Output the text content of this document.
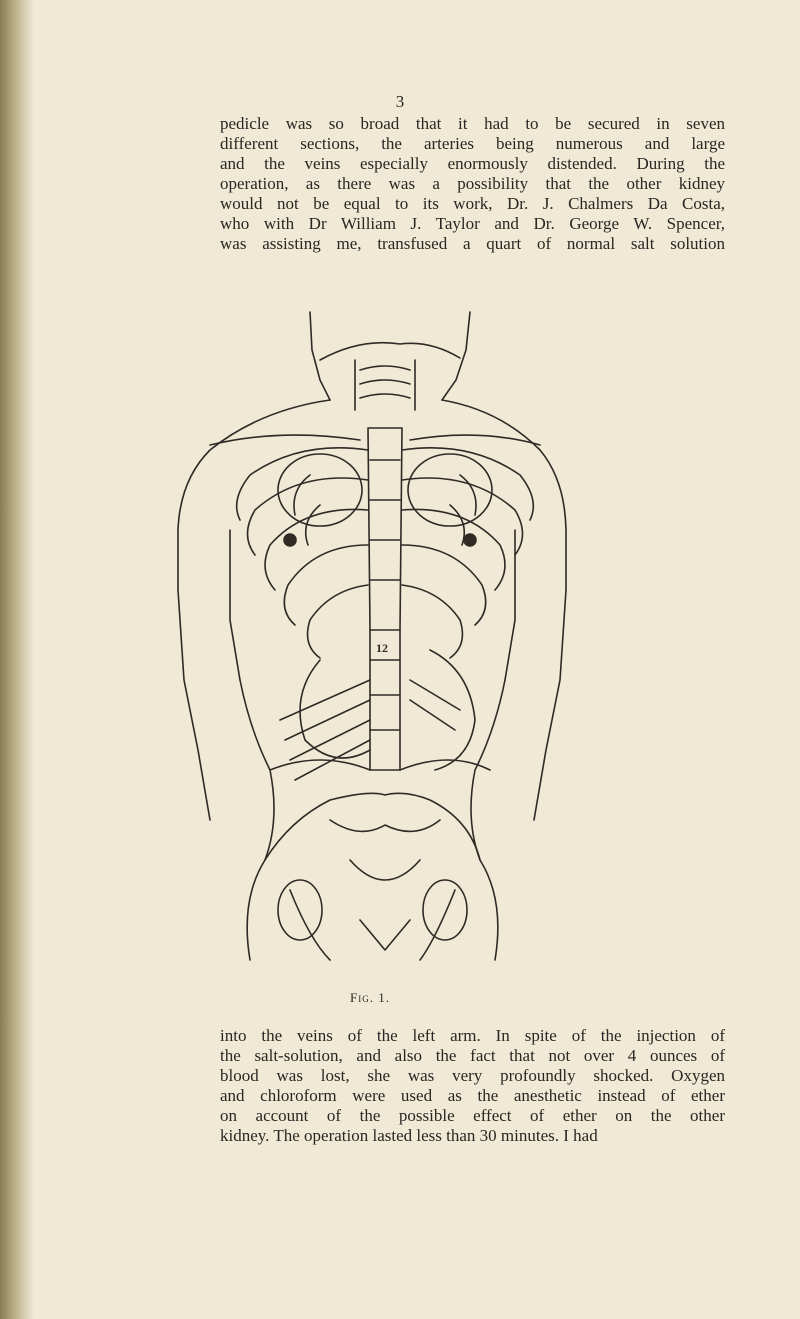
3
pedicle was so broad that it had to be secured in seven
different sections, the arteries being numerous and large
and the veins especially enormously distended. During the
operation, as there was a possibility that the other kidney
would not be equal to its work, Dr. J. Chalmers Da Costa,
who with Dr William J. Taylor and Dr. George W. Spencer,
was assisting me, transfused a quart of normal salt solution
12
Fig. 1.
into the veins of the left arm. In spite of the injection of
the salt-solution, and also the fact that not over 4 ounces of
blood was lost, she was very profoundly shocked. Oxygen
and chloroform were used as the anesthetic instead of ether
on account of the possible effect of ether on the other
kidney. The operation lasted less than 30 minutes. I had
